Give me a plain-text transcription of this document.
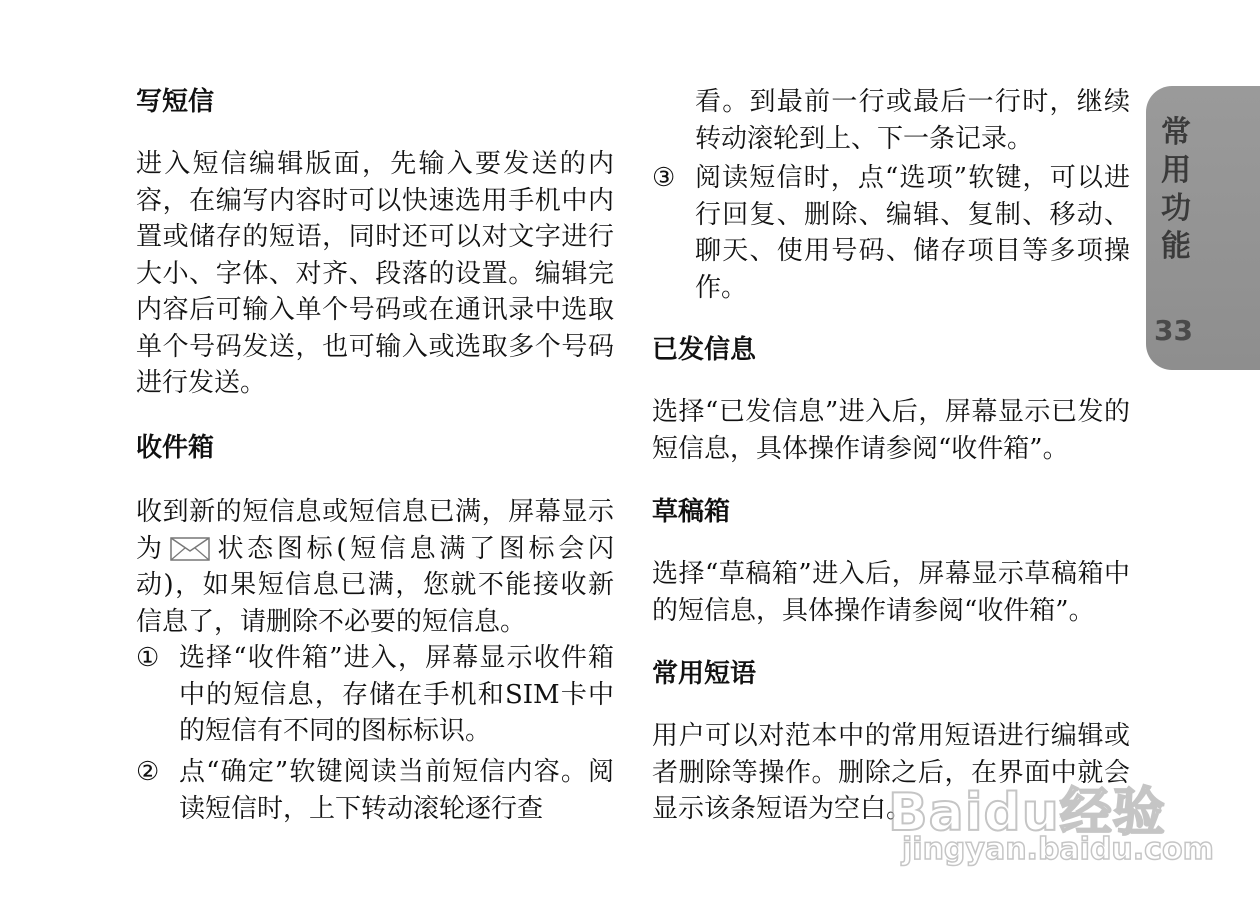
写短信

进入短信编辑版面，先输入要发送的内容，在编写内容时可以快速选用手机中内置或储存的短语，同时还可以对文字进行大小、字体、对齐、段落的设置。编辑完内容后可输入单个号码或在通讯录中选取单个号码发送，也可输入或选取多个号码进行发送。

收件箱

收到新的短信息或短信息已满，屏幕显示为 状态图标(短信息满了图标会闪动)，如果短信息已满，您就不能接收新信息了，请删除不必要的短信息。

① 选择“收件箱”进入，屏幕显示收件箱中的短信息，存储在手机和SIM卡中的短信有不同的图标标识。
② 点“确定”软键阅读当前短信内容。阅读短信时，上下转动滚轮逐行查
看。到最前一行或最后一行时，继续转动滚轮到上、下一条记录。
③ 阅读短信时，点“选项”软键，可以进行回复、删除、编辑、复制、移动、聊天、使用号码、储存项目等多项操作。
已发信息

选择“已发信息”进入后，屏幕显示已发的短信息，具体操作请参阅“收件箱”。

草稿箱

选择“草稿箱”进入后，屏幕显示草稿箱中的短信息，具体操作请参阅“收件箱”。

常用短语

用户可以对范本中的常用短语进行编辑或者删除等操作。删除之后，在界面中就会显示该条短语为空白。

常
用
功
能
33
Baidu经验
jingyan.baidu.com
